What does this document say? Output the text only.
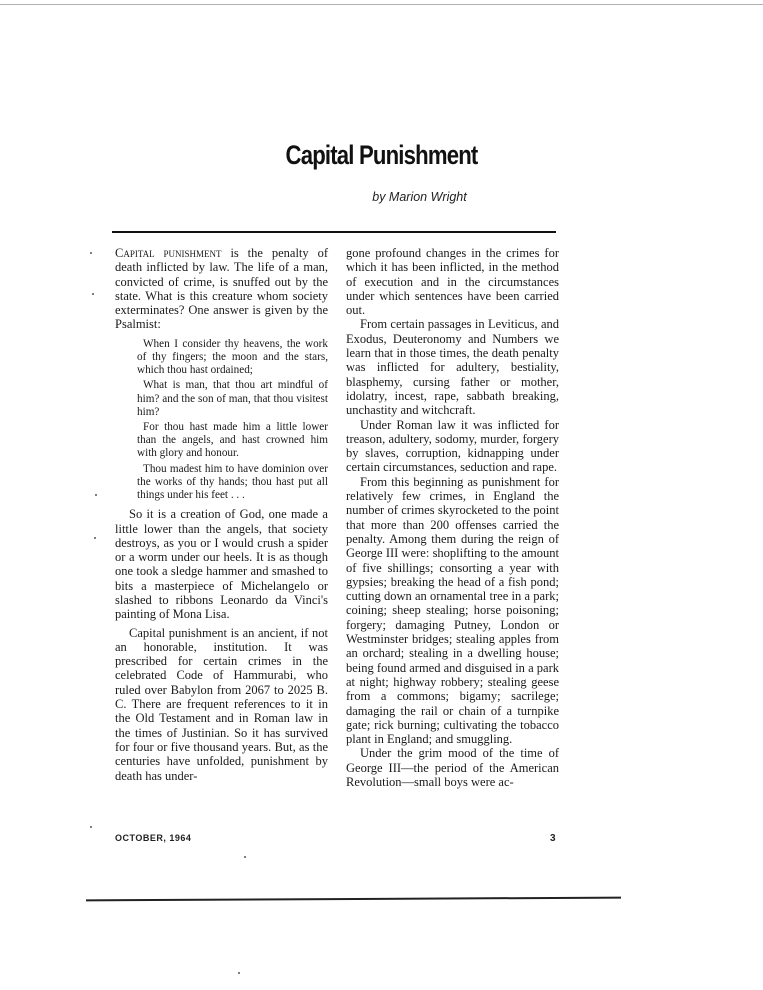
Capital Punishment
by Marion Wright

Capital punishment is the penalty of death inflicted by law. The life of a man, convicted of crime, is snuffed out by the state. What is this creature whom society exterminates? One answer is given by the Psalmist:

When I consider thy heavens, the work of thy fingers; the moon and the stars, which thou hast ordained;

What is man, that thou art mindful of him? and the son of man, that thou visitest him?

For thou hast made him a little lower than the angels, and hast crowned him with glory and honour.

Thou madest him to have dominion over the works of thy hands; thou hast put all things under his feet . . .

So it is a creation of God, one made a little lower than the angels, that society destroys, as you or I would crush a spider or a worm under our heels. It is as though one took a sledge hammer and smashed to bits a masterpiece of Michelangelo or slashed to ribbons Leonardo da Vinci's painting of Mona Lisa.

Capital punishment is an ancient, if not an honorable, institution. It was prescribed for certain crimes in the celebrated Code of Hammurabi, who ruled over Babylon from 2067 to 2025 B. C. There are frequent references to it in the Old Testament and in Roman law in the times of Justinian. So it has survived for four or five thousand years. But, as the centuries have unfolded, punishment by death has under-

gone profound changes in the crimes for which it has been inflicted, in the method of execution and in the circumstances under which sentences have been carried out.

From certain passages in Leviticus, and Exodus, Deuteronomy and Numbers we learn that in those times, the death penalty was inflicted for adultery, bestiality, blasphemy, cursing father or mother, idolatry, incest, rape, sabbath breaking, unchastity and witchcraft.

Under Roman law it was inflicted for treason, adultery, sodomy, murder, forgery by slaves, corruption, kidnapping under certain circumstances, seduction and rape.

From this beginning as punishment for relatively few crimes, in England the number of crimes skyrocketed to the point that more than 200 offenses carried the penalty. Among them during the reign of George III were: shoplifting to the amount of five shillings; consorting a year with gypsies; breaking the head of a fish pond; cutting down an ornamental tree in a park; coining; sheep stealing; horse poisoning; forgery; damaging Putney, London or Westminster bridges; stealing apples from an orchard; stealing in a dwelling house; being found armed and disguised in a park at night; highway robbery; stealing geese from a commons; bigamy; sacrilege; damaging the rail or chain of a turnpike gate; rick burning; cultivating the tobacco plant in England; and smuggling.

Under the grim mood of the time of George III—the period of the American Revolution—small boys were ac-

OCTOBER, 1964	3
